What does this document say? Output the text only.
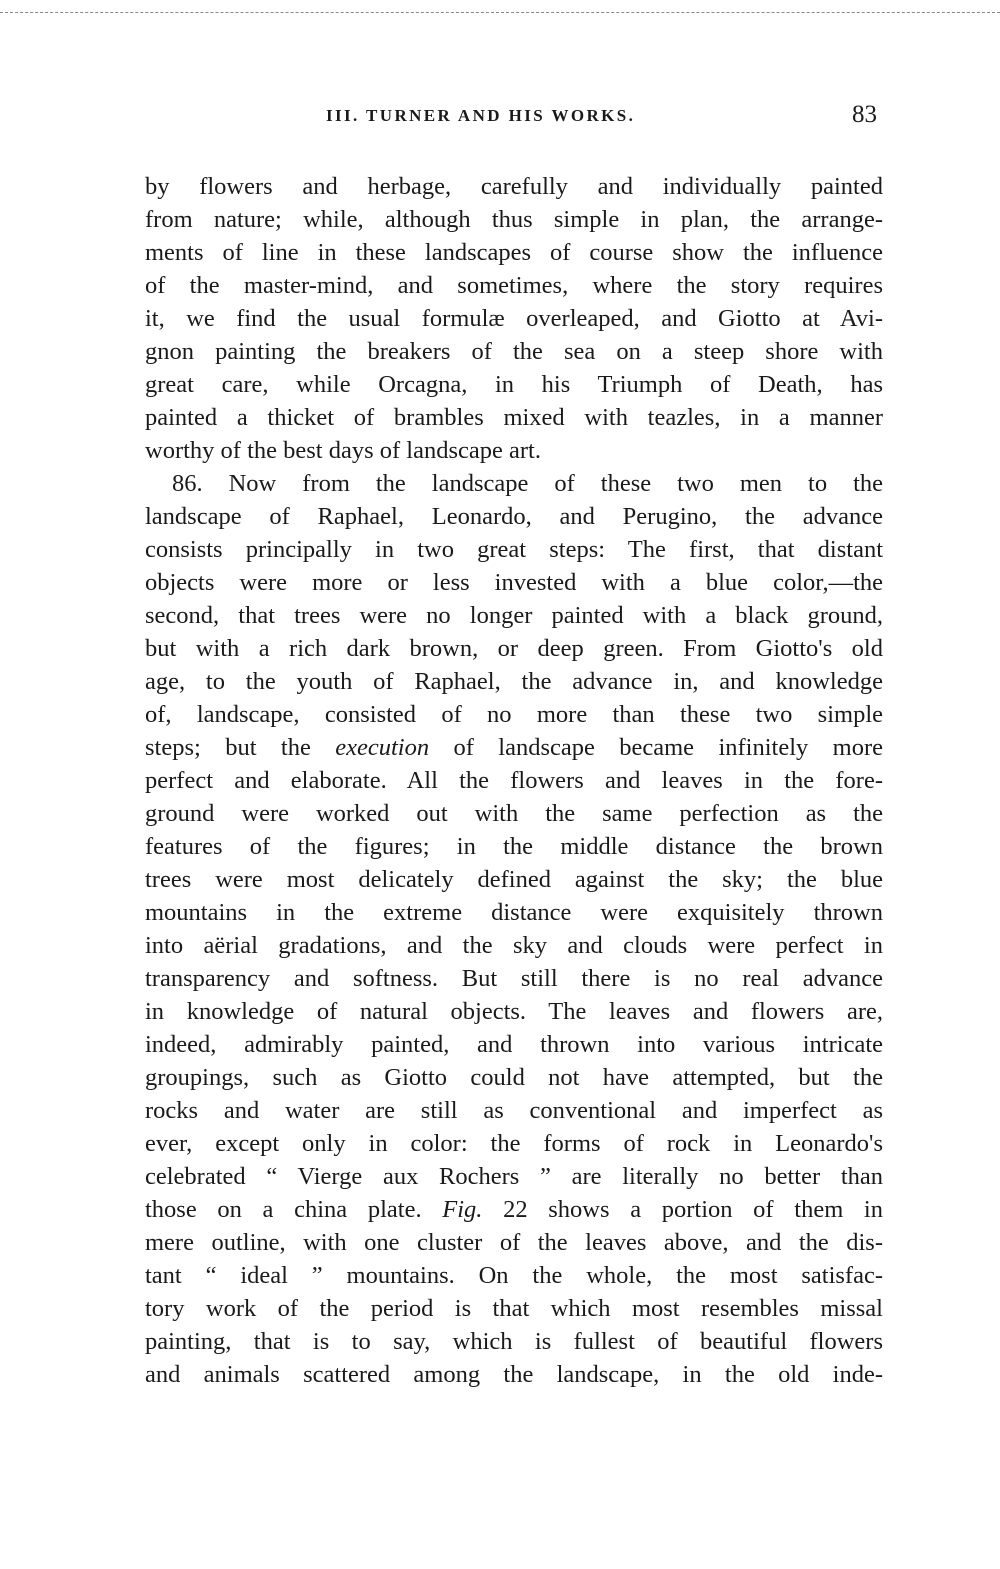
III. TURNER AND HIS WORKS.	83
by flowers and herbage, carefully and individually painted
from nature; while, although thus simple in plan, the arrange-
ments of line in these landscapes of course show the influence
of the master-mind, and sometimes, where the story requires
it, we find the usual formulæ overleaped, and Giotto at Avi-
gnon painting the breakers of the sea on a steep shore with
great care, while Orcagna, in his Triumph of Death, has
painted a thicket of brambles mixed with teazles, in a manner
worthy of the best days of landscape art.
86. Now from the landscape of these two men to the
landscape of Raphael, Leonardo, and Perugino, the advance
consists principally in two great steps: The first, that distant
objects were more or less invested with a blue color,—the
second, that trees were no longer painted with a black ground,
but with a rich dark brown, or deep green. From Giotto's old
age, to the youth of Raphael, the advance in, and knowledge
of, landscape, consisted of no more than these two simple
steps; but the execution of landscape became infinitely more
perfect and elaborate. All the flowers and leaves in the fore-
ground were worked out with the same perfection as the
features of the figures; in the middle distance the brown
trees were most delicately defined against the sky; the blue
mountains in the extreme distance were exquisitely thrown
into aërial gradations, and the sky and clouds were perfect in
transparency and softness. But still there is no real advance
in knowledge of natural objects. The leaves and flowers are,
indeed, admirably painted, and thrown into various intricate
groupings, such as Giotto could not have attempted, but the
rocks and water are still as conventional and imperfect as
ever, except only in color: the forms of rock in Leonardo's
celebrated “ Vierge aux Rochers ” are literally no better than
those on a china plate. Fig. 22 shows a portion of them in
mere outline, with one cluster of the leaves above, and the dis-
tant “ ideal ” mountains. On the whole, the most satisfac-
tory work of the period is that which most resembles missal
painting, that is to say, which is fullest of beautiful flowers
and animals scattered among the landscape, in the old inde-
